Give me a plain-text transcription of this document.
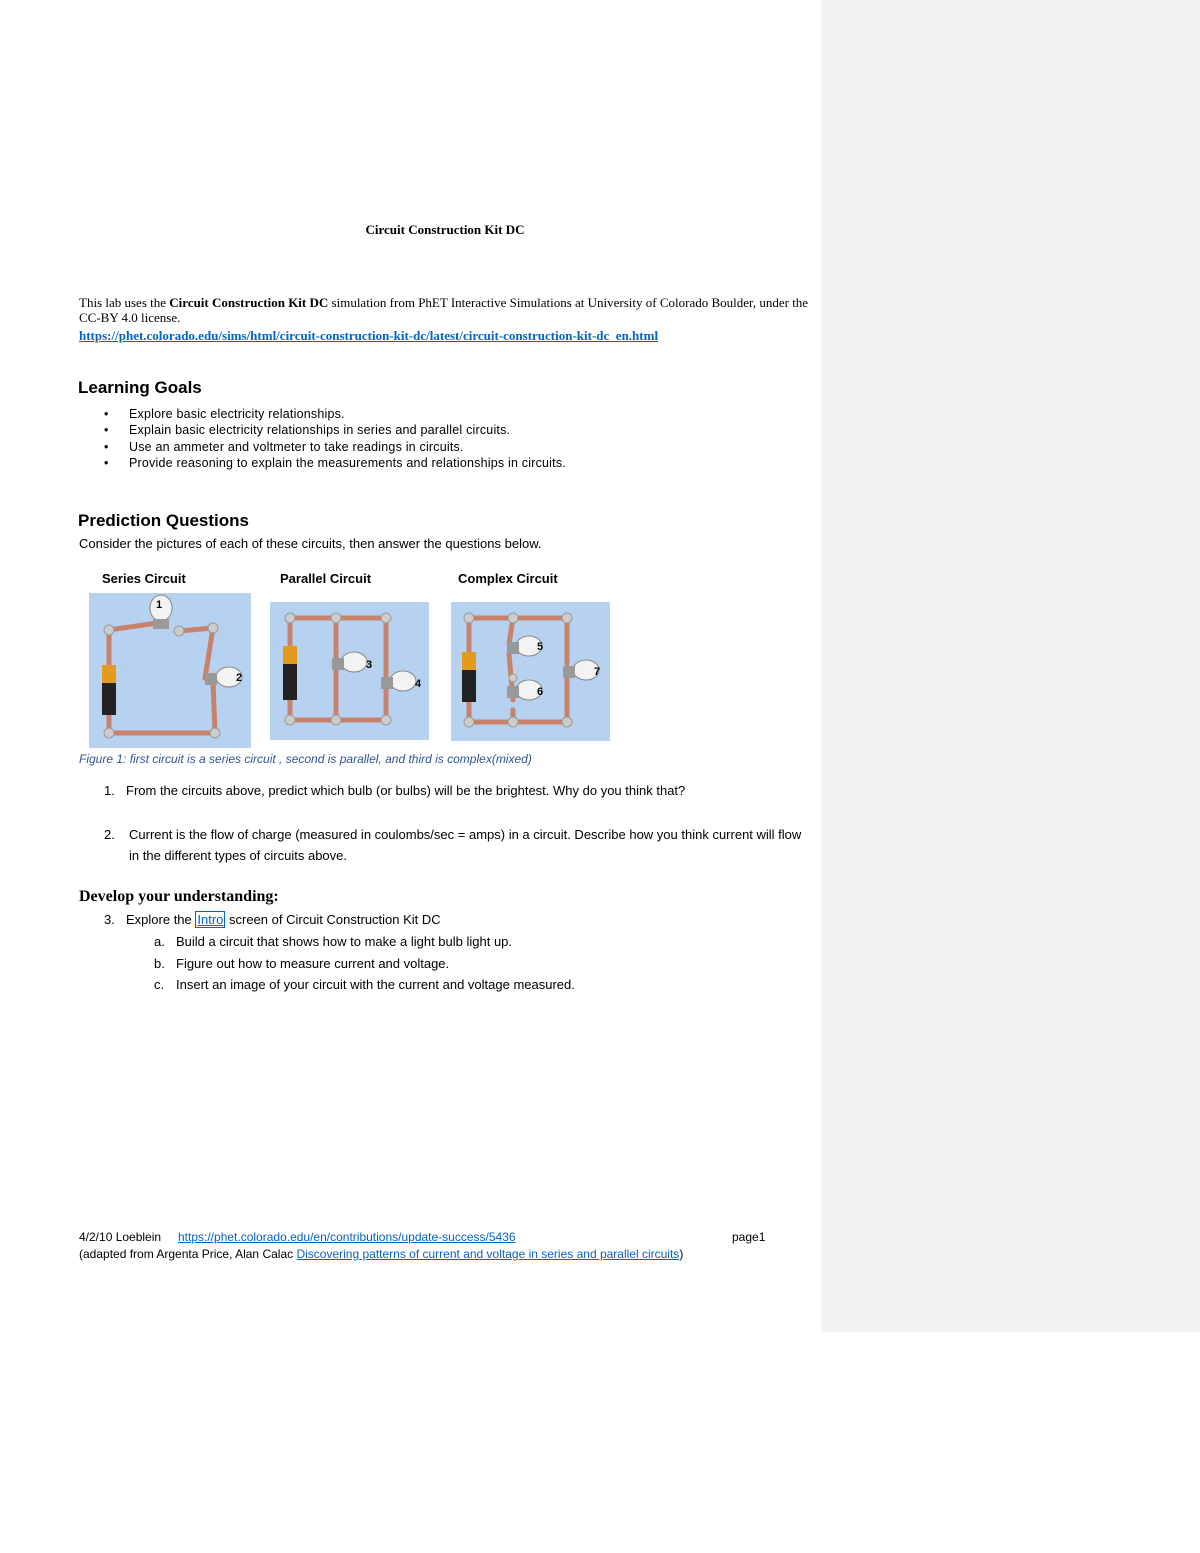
Circuit Construction Kit DC
This lab uses the Circuit Construction Kit DC simulation from PhET Interactive Simulations at University of Colorado Boulder, under the CC-BY 4.0 license.
https://phet.colorado.edu/sims/html/circuit-construction-kit-dc/latest/circuit-construction-kit-dc_en.html
Learning Goals
• Explore basic electricity relationships.
• Explain basic electricity relationships in series and parallel circuits.
• Use an ammeter and voltmeter to take readings in circuits.
• Provide reasoning to explain the measurements and relationships in circuits.
Prediction Questions
Consider the pictures of each of these circuits, then answer the questions below.
Series Circuit	Parallel Circuit	Complex Circuit
1
2
3
4
5
6
7
Figure 1: first circuit is a series circuit , second is parallel, and third is complex(mixed)
1. From the circuits above, predict which bulb (or bulbs) will be the brightest. Why do you think that?
2.	Current is the flow of charge (measured in coulombs/sec = amps) in a circuit. Describe how you think current will flow in the different types of circuits above.
Develop your understanding:
3. Explore the Intro screen of Circuit Construction Kit DC
a. Build a circuit that shows how to make a light bulb light up.
b. Figure out how to measure current and voltage.
c. Insert an image of your circuit with the current and voltage measured.
4/2/10 Loeblein https://phet.colorado.edu/en/contributions/update-success/5436	page1
(adapted from Argenta Price, Alan Calac Discovering patterns of current and voltage in series and parallel circuits)
